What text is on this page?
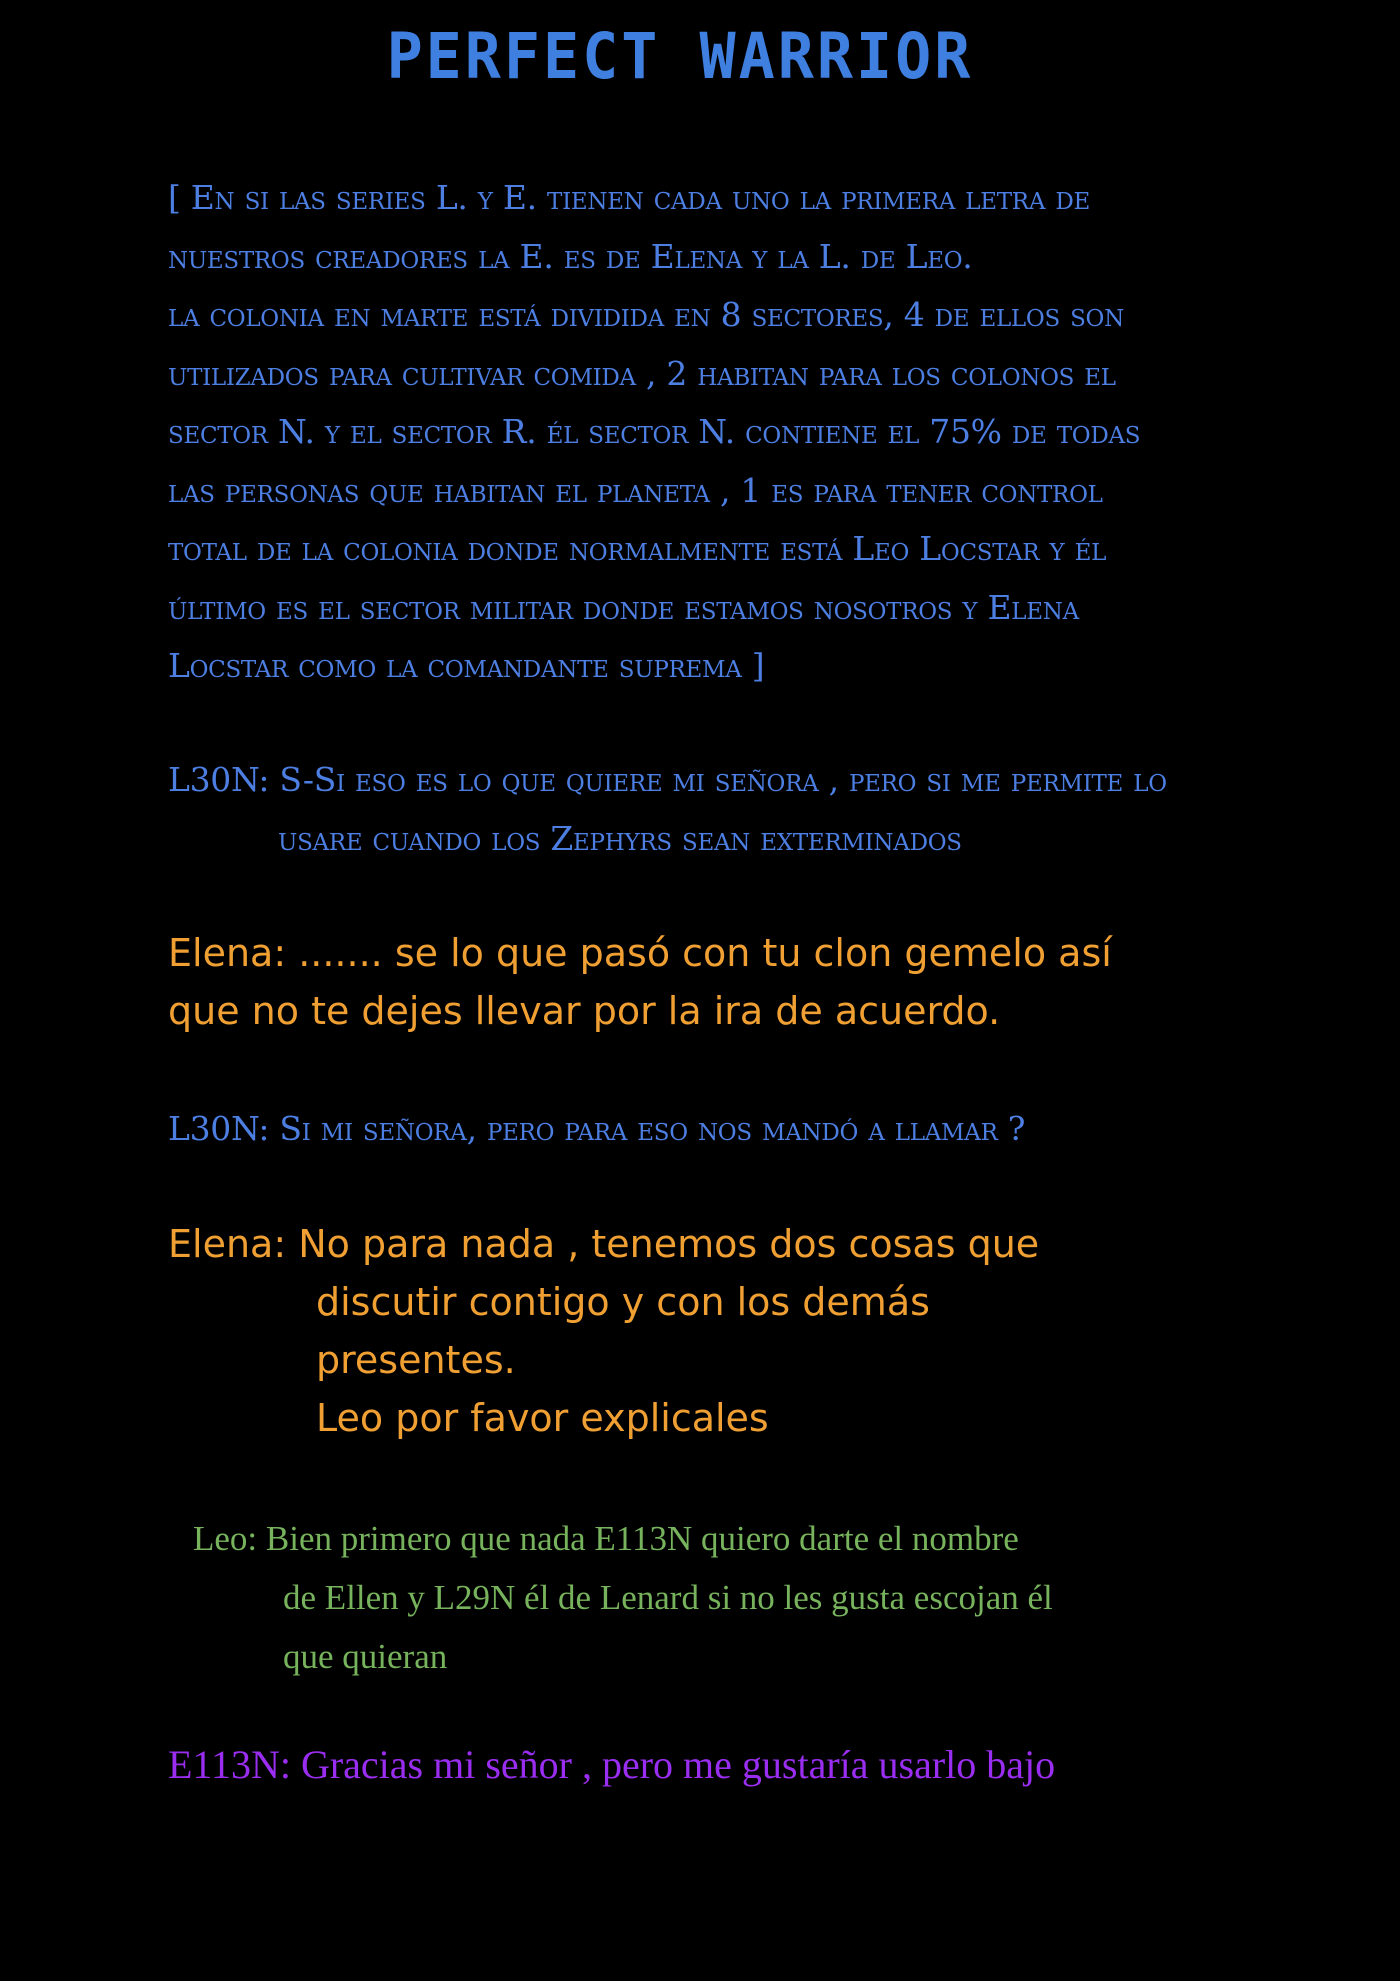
PERFECT WARRIOR
[ En si las series L. y E. tienen cada uno la primera letra de
nuestros creadores la E. es de Elena y la L. de Leo.
la colonia en marte está dividida en 8 sectores, 4 de ellos son
utilizados para cultivar comida , 2 habitan para los colonos el
sector N. y el sector R. él sector N. contiene el 75% de todas
las personas que habitan el planeta , 1 es para tener control
total de la colonia donde normalmente está Leo Locstar y él
último es el sector militar donde estamos nosotros y Elena
Locstar como la comandante suprema ]
L30N: S-Si eso es lo que quiere mi señora , pero si me permite lo
usare cuando los Zephyrs sean exterminados
Elena: ....... se lo que pasó con tu clon gemelo así
que no te dejes llevar por la ira de acuerdo.
L30N: Si mi señora, pero para eso nos mandó a llamar ?
Elena: No para nada , tenemos dos cosas que
discutir contigo y con los demás
presentes.
Leo por favor explicales
Leo: Bien primero que nada E113N quiero darte el nombre
de Ellen y L29N él de Lenard si no les gusta escojan él
que quieran
E113N: Gracias mi señor , pero me gustaría usarlo bajo
